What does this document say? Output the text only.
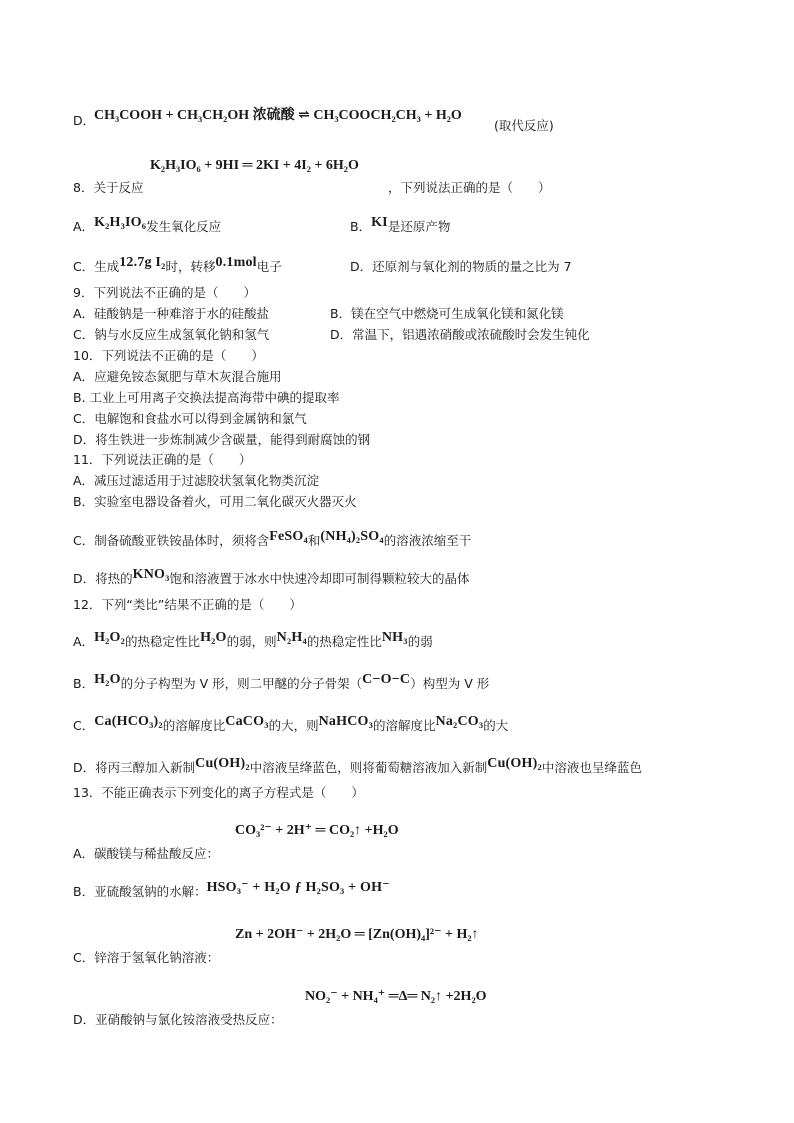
D．
CH₃COOH + CH₃CH₂OH 浓硫酸 ⇌ CH₃COOCH₂CH₃ + H₂O
(取代反应)
K₂H₃IO₆ + 9HI ═ 2KI + 4I₂ + 6H₂O
8．关于反应	，下列说法正确的是（　　）
A．K₂H₃IO₆发生氧化反应	B．KI是还原产物
C．生成12.7g I₂时，转移0.1mol电子	D．还原剂与氧化剂的物质的量之比为 7
9．下列说法不正确的是（　　）
A．硅酸钠是一种难溶于水的硅酸盐	B．镁在空气中燃烧可生成氧化镁和氮化镁
C．钠与水反应生成氢氧化钠和氢气	D．常温下，铝遇浓硝酸或浓硫酸时会发生钝化
10．下列说法不正确的是（　　）
A．应避免铵态氮肥与草木灰混合施用
B. 工业上可用离子交换法提高海带中碘的提取率
C．电解饱和食盐水可以得到金属钠和氯气
D．将生铁进一步炼制减少含碳量，能得到耐腐蚀的钢
11．下列说法正确的是（　　）
A．减压过滤适用于过滤胶状氢氧化物类沉淀
B．实验室电器设备着火，可用二氧化碳灭火器灭火
C．制备硫酸亚铁铵晶体时，须将含FeSO₄和(NH₄)₂SO₄的溶液浓缩至干
D．将热的KNO₃饱和溶液置于冰水中快速冷却即可制得颗粒较大的晶体
12．下列“类比”结果不正确的是（　　）
A．H₂O₂的热稳定性比H₂O的弱，则N₂H₄的热稳定性比NH₃的弱
B．H₂O的分子构型为 V 形，则二甲醚的分子骨架（C−O−C）构型为 V 形
C．Ca(HCO₃)₂的溶解度比CaCO₃的大，则NaHCO₃的溶解度比Na₂CO₃的大
D．将丙三醇加入新制Cu(OH)₂中溶液呈绛蓝色，则将葡萄糖溶液加入新制Cu(OH)₂中溶液也呈绛蓝色
13．不能正确表示下列变化的离子方程式是（　　）
CO₃²⁻ + 2H⁺ ═ CO₂↑ +H₂O
A．碳酸镁与稀盐酸反应：
B．亚硫酸氢钠的水解：HSO₃⁻ + H₂O ƒ H₂SO₃ + OH⁻
Zn + 2OH⁻ + 2H₂O ═ [Zn(OH)₄]²⁻ + H₂↑
C．锌溶于氢氧化钠溶液：
NO₂⁻ + NH₄⁺ ═Δ═ N₂↑ +2H₂O
D．亚硝酸钠与氯化铵溶液受热反应：
